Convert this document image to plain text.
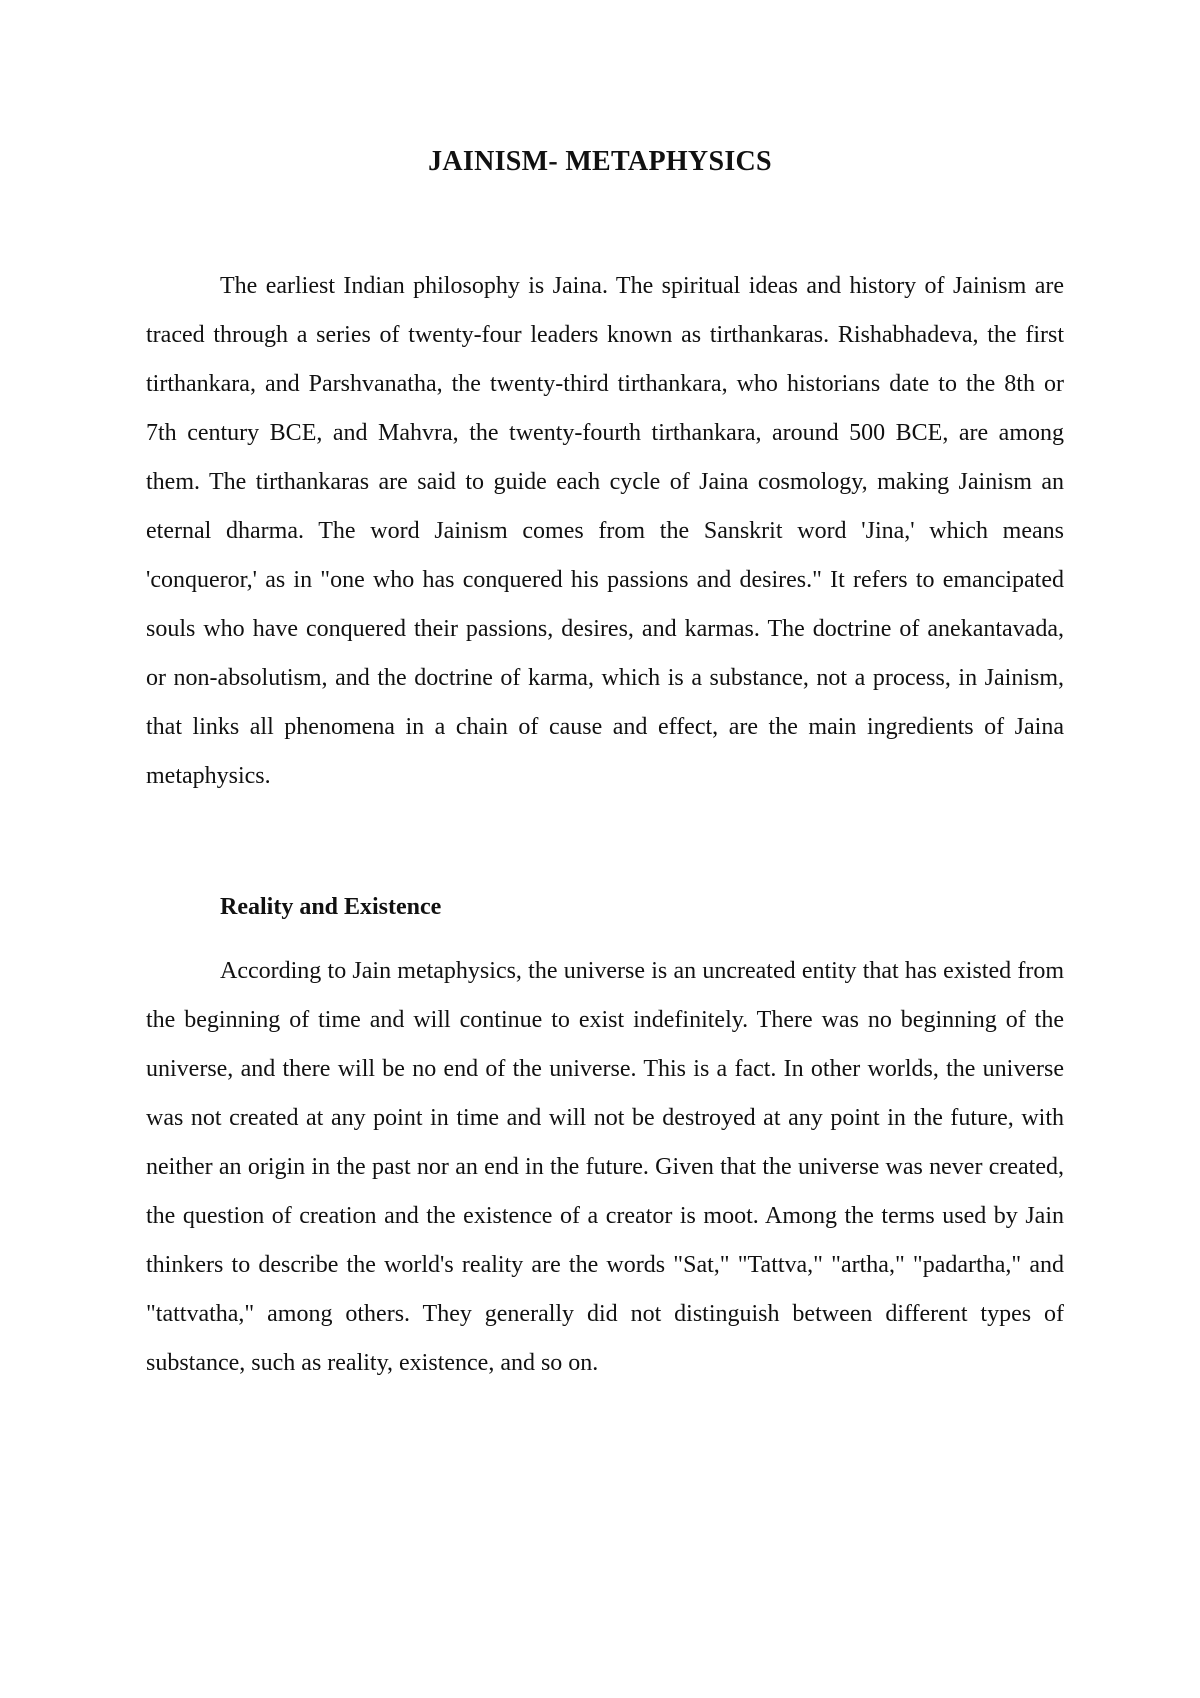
JAINISM- METAPHYSICS

The earliest Indian philosophy is Jaina. The spiritual ideas and history of Jainism are traced through a series of twenty-four leaders known as tirthankaras. Rishabhadeva, the first tirthankara, and Parshvanatha, the twenty-third tirthankara, who historians date to the 8th or 7th century BCE, and Mahvra, the twenty-fourth tirthankara, around 500 BCE, are among them. The tirthankaras are said to guide each cycle of Jaina cosmology, making Jainism an eternal dharma. The word Jainism comes from the Sanskrit word 'Jina,' which means 'conqueror,' as in "one who has conquered his passions and desires." It refers to emancipated souls who have conquered their passions, desires, and karmas. The doctrine of anekantavada, or non-absolutism, and the doctrine of karma, which is a substance, not a process, in Jainism, that links all phenomena in a chain of cause and effect, are the main ingredients of Jaina metaphysics.

Reality and Existence

According to Jain metaphysics, the universe is an uncreated entity that has existed from the beginning of time and will continue to exist indefinitely. There was no beginning of the universe, and there will be no end of the universe. This is a fact. In other worlds, the universe was not created at any point in time and will not be destroyed at any point in the future, with neither an origin in the past nor an end in the future. Given that the universe was never created, the question of creation and the existence of a creator is moot. Among the terms used by Jain thinkers to describe the world's reality are the words "Sat," "Tattva," "artha," "padartha," and "tattvatha," among others. They generally did not distinguish between different types of substance, such as reality, existence, and so on.
